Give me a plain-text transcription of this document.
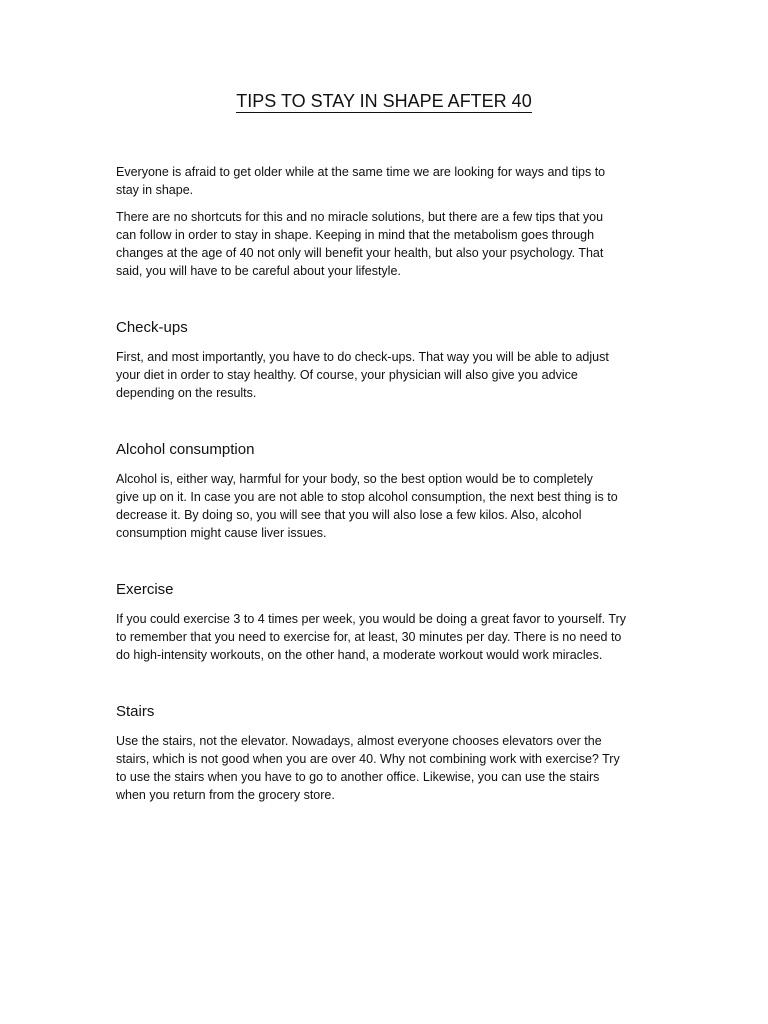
TIPS TO STAY IN SHAPE AFTER 40
Everyone is afraid to get older while at the same time we are looking for ways and tips to
stay in shape.
There are no shortcuts for this and no miracle solutions, but there are a few tips that you
can follow in order to stay in shape. Keeping in mind that the metabolism goes through
changes at the age of 40 not only will benefit your health, but also your psychology. That
said, you will have to be careful about your lifestyle.
Check-ups
First, and most importantly, you have to do check-ups. That way you will be able to adjust
your diet in order to stay healthy. Of course, your physician will also give you advice
depending on the results.
Alcohol consumption
Alcohol is, either way, harmful for your body, so the best option would be to completely
give up on it. In case you are not able to stop alcohol consumption, the next best thing is to
decrease it. By doing so, you will see that you will also lose a few kilos. Also, alcohol
consumption might cause liver issues.
Exercise
If you could exercise 3 to 4 times per week, you would be doing a great favor to yourself. Try
to remember that you need to exercise for, at least, 30 minutes per day. There is no need to
do high-intensity workouts, on the other hand, a moderate workout would work miracles.
Stairs
Use the stairs, not the elevator. Nowadays, almost everyone chooses elevators over the
stairs, which is not good when you are over 40. Why not combining work with exercise? Try
to use the stairs when you have to go to another office. Likewise, you can use the stairs
when you return from the grocery store.
